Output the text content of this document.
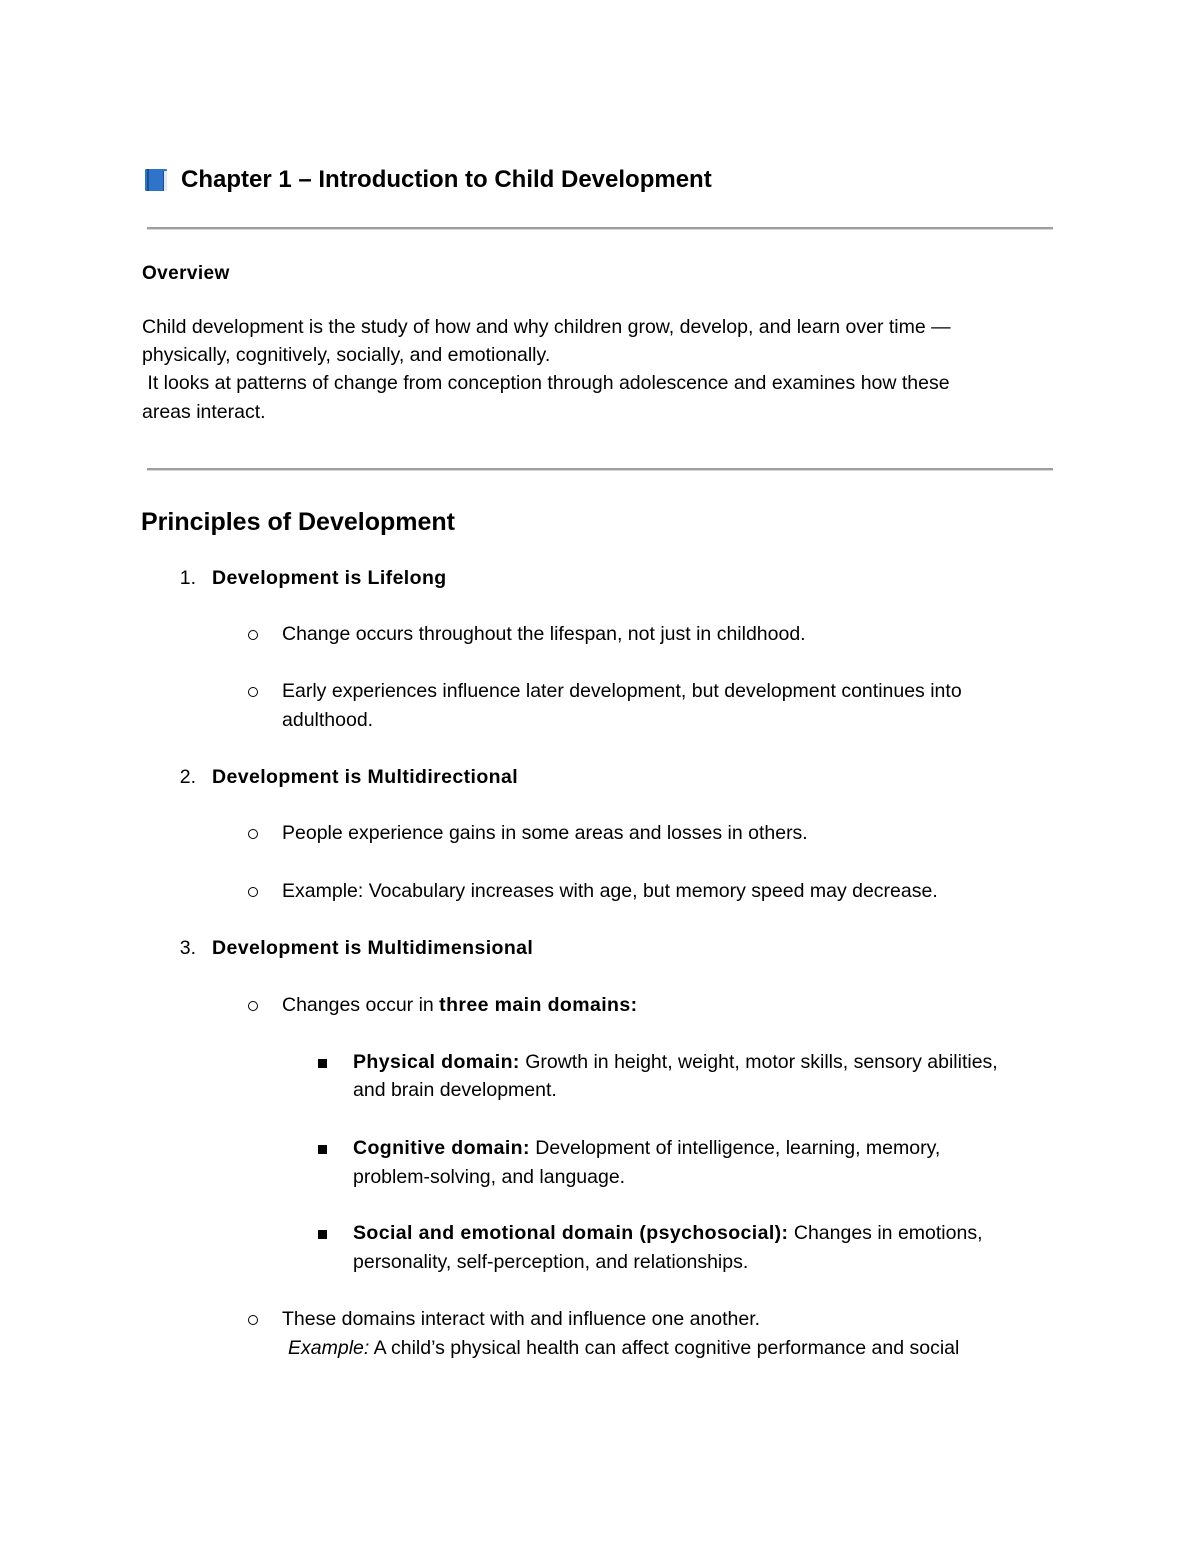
Chapter 1 – Introduction to Child Development
Overview
Child development is the study of how and why children grow, develop, and learn over time —
physically, cognitively, socially, and emotionally.
It looks at patterns of change from conception through adolescence and examines how these
areas interact.
Principles of Development
1. Development is Lifelong
Change occurs throughout the lifespan, not just in childhood.
Early experiences influence later development, but development continues into
adulthood.
2. Development is Multidirectional
People experience gains in some areas and losses in others.
Example: Vocabulary increases with age, but memory speed may decrease.
3. Development is Multidimensional
Changes occur in three main domains:
Physical domain: Growth in height, weight, motor skills, sensory abilities,
and brain development.
Cognitive domain: Development of intelligence, learning, memory,
problem-solving, and language.
Social and emotional domain (psychosocial): Changes in emotions,
personality, self-perception, and relationships.
These domains interact with and influence one another.
Example: A child’s physical health can affect cognitive performance and social
